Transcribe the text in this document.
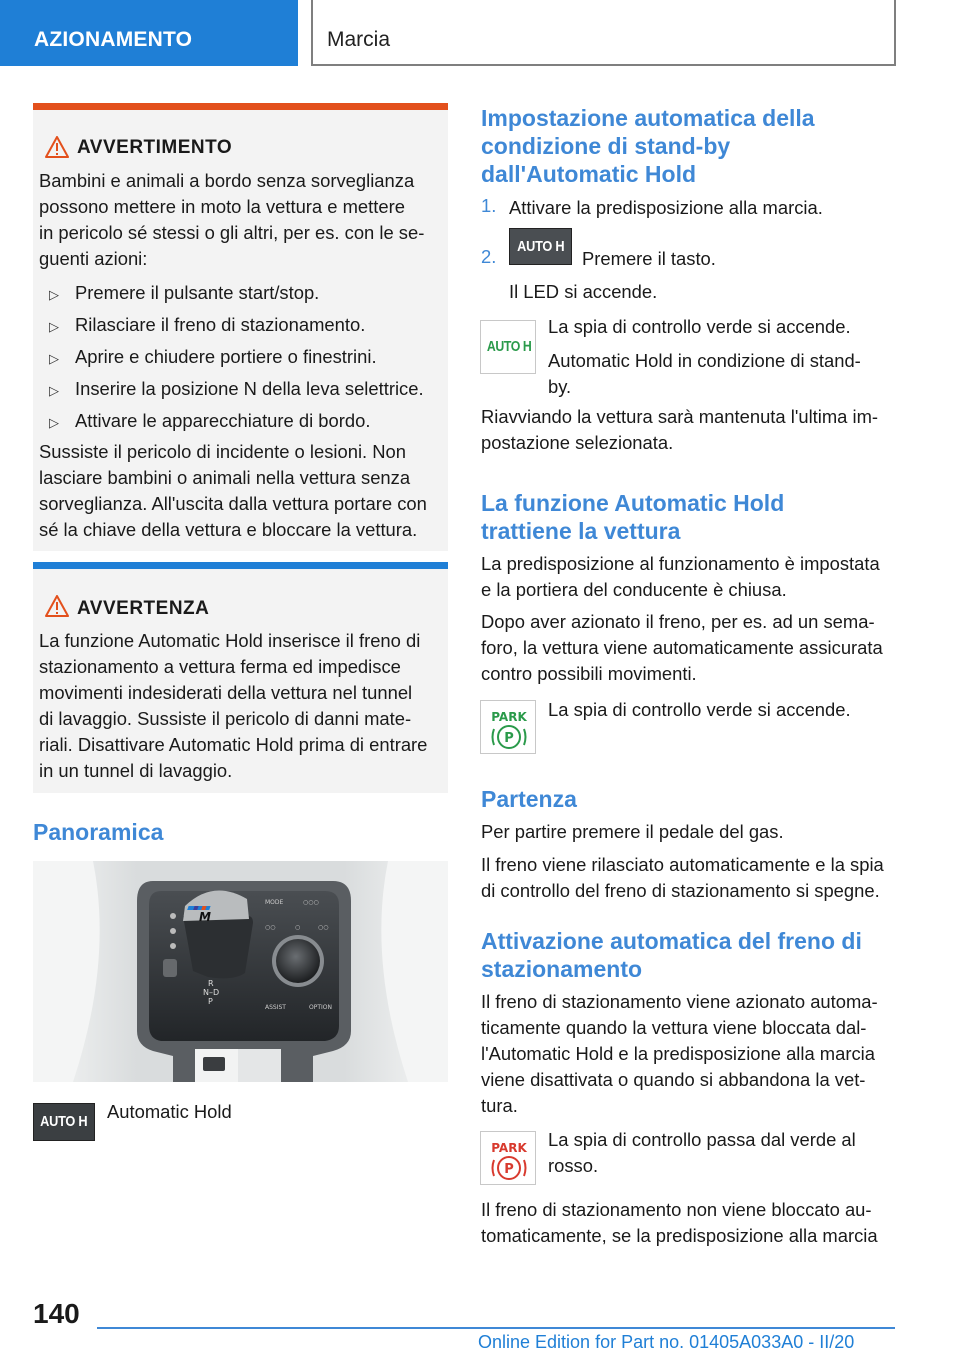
AZIONAMENTO	Marcia
AVVERTIMENTO
Bambini e animali a bordo senza sorveglianza
possono mettere in moto la vettura e mettere
in pericolo sé stessi o gli altri, per es. con le se-
guenti azioni:
▷ Premere il pulsante start/stop.
▷ Rilasciare il freno di stazionamento.
▷ Aprire e chiudere portiere o finestrini.
▷ Inserire la posizione N della leva selettrice.
▷ Attivare le apparecchiature di bordo.
Sussiste il pericolo di incidente o lesioni. Non
lasciare bambini o animali nella vettura senza
sorveglianza. All'uscita dalla vettura portare con
sé la chiave della vettura e bloccare la vettura.
AVVERTENZA
La funzione Automatic Hold inserisce il freno di
stazionamento a vettura ferma ed impedisce
movimenti indesiderati della vettura nel tunnel
di lavaggio. Sussiste il pericolo di danni mate-
riali. Disattivare Automatic Hold prima di entrare
in un tunnel di lavaggio.
Panoramica
M
R
N–D
P
MODE	○○○
○○	○	○○
ASSIST	OPTION
AUTO H	Automatic Hold
Impostazione automatica della
condizione di stand-by
dall'Automatic Hold
1. Attivare la predisposizione alla marcia.
2.	AUTO H
Premere il tasto.
Il LED si accende.
AUTO H
La spia di controllo verde si accende.
Automatic Hold in condizione di stand-
by.
Riavviando la vettura sarà mantenuta l'ultima im-
postazione selezionata.
La funzione Automatic Hold
trattiene la vettura
La predisposizione al funzionamento è impostata
e la portiera del conducente è chiusa.
Dopo aver azionato il freno, per es. ad un sema-
foro, la vettura viene automaticamente assicurata
contro possibili movimenti.
PARK
P
La spia di controllo verde si accende.
Partenza
Per partire premere il pedale del gas.
Il freno viene rilasciato automaticamente e la spia
di controllo del freno di stazionamento si spegne.
Attivazione automatica del freno di
stazionamento
Il freno di stazionamento viene azionato automa-
ticamente quando la vettura viene bloccata dal-
l'Automatic Hold e la predisposizione alla marcia
viene disattivata o quando si abbandona la vet-
tura.
PARK
P
La spia di controllo passa dal verde al
rosso.
Il freno di stazionamento non viene bloccato au-
tomaticamente, se la predisposizione alla marcia
140
Online Edition for Part no. 01405A033A0 - II/20
